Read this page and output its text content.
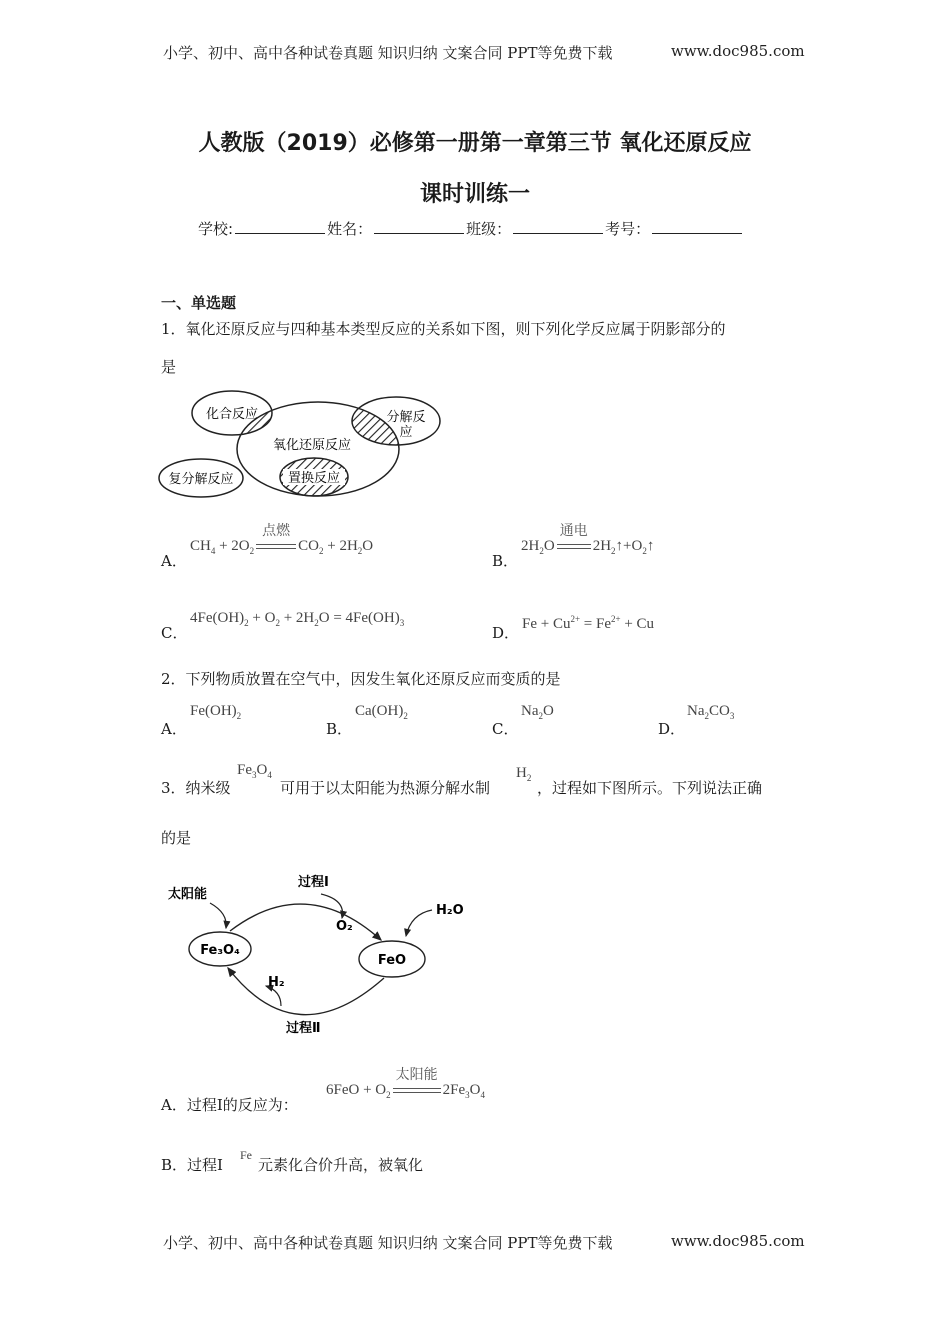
小学、初中、高中各种试卷真题 知识归纳 文案合同 PPT等免费下载	www.doc985.com
人教版（2019）必修第一册第一章第三节 氧化还原反应
课时训练一
学校:	姓名：	班级：	考号：
一、单选题
1．氧化还原反应与四种基本类型反应的关系如下图，则下列化学反应属于阴影部分的
是
化合反应	分解反
应
氧化还原反应
置换反应
复分解反应
A．
$CH_4 + 2O_2$
点燃
$CO_2 + 2H_2O$
B．
$2H_2O$
通电
$2H_2↑+O_2↑$
C．
$4Fe(OH)_2 + O_2 + 2H_2O = 4Fe(OH)_3$
D． $Fe + Cu^{2+} = Fe^{2+} + Cu$
2．下列物质放置在空气中，因发生氧化还原反应而变质的是
A．
$Fe(OH)_2$
B．
$Ca(OH)_2$
C．
$Na_2O$
D．
$Na_2CO_3$
3．纳米级
$Fe_3O_4$
可用于以太阳能为热源分解水制
$H_2$
，过程如下图所示。下列说法正确
的是
太阳能
过程Ⅰ
O₂
H₂O
Fe₃O₄
FeO
H₂
过程Ⅱ
A．过程Ⅰ的反应为：
$6FeO + O_2$
太阳能
$2Fe_3O_4$
B．过程Ⅰ
Fe
元素化合价升高，被氧化
小学、初中、高中各种试卷真题 知识归纳 文案合同 PPT等免费下载	www.doc985.com
